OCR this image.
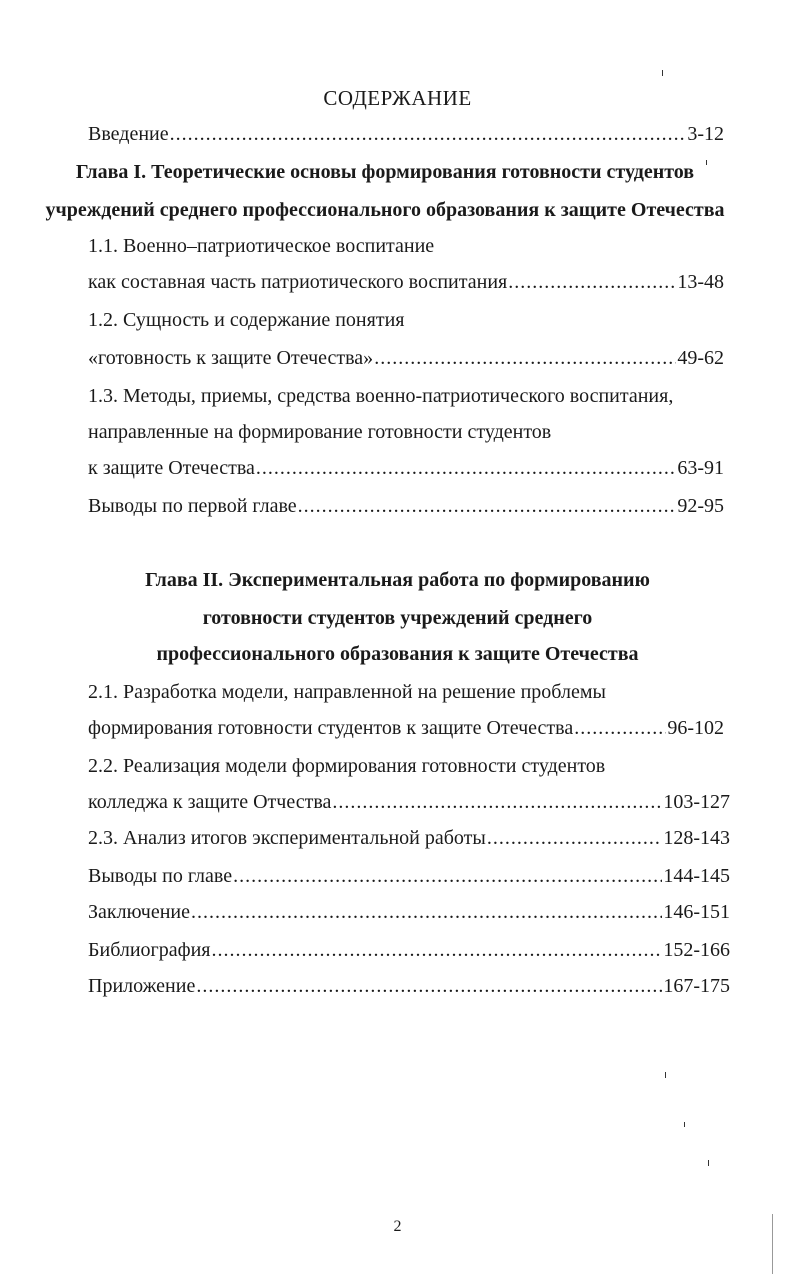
СОДЕРЖАНИЕ
Введение .....	3-12
Глава I. Теоретические основы формирования готовности студентов
учреждений среднего профессионального образования к защите Отечества
1.1. Военно–патриотическое воспитание
как составная часть патриотического воспитания .....	13-48
1.2. Сущность и содержание понятия
«готовность к защите Отечества» .....	49-62
1.3. Методы, приемы, средства военно-патриотического воспитания,
направленные на формирование готовности студентов
к защите Отечества .....	63-91
Выводы по первой главе .....	92-95
Глава II. Экспериментальная работа по формированию
готовности студентов учреждений среднего
профессионального образования к защите Отечества
2.1. Разработка модели, направленной на решение проблемы
формирования готовности студентов к защите Отечества .....	96-102
2.2. Реализация модели формирования готовности студентов
колледжа к защите Отчества .....	103-127
2.3. Анализ итогов экспериментальной работы .....	128-143
Выводы по главе .....	144-145
Заключение .....	146-151
Библиография .....	152-166
Приложение .....	167-175
2
